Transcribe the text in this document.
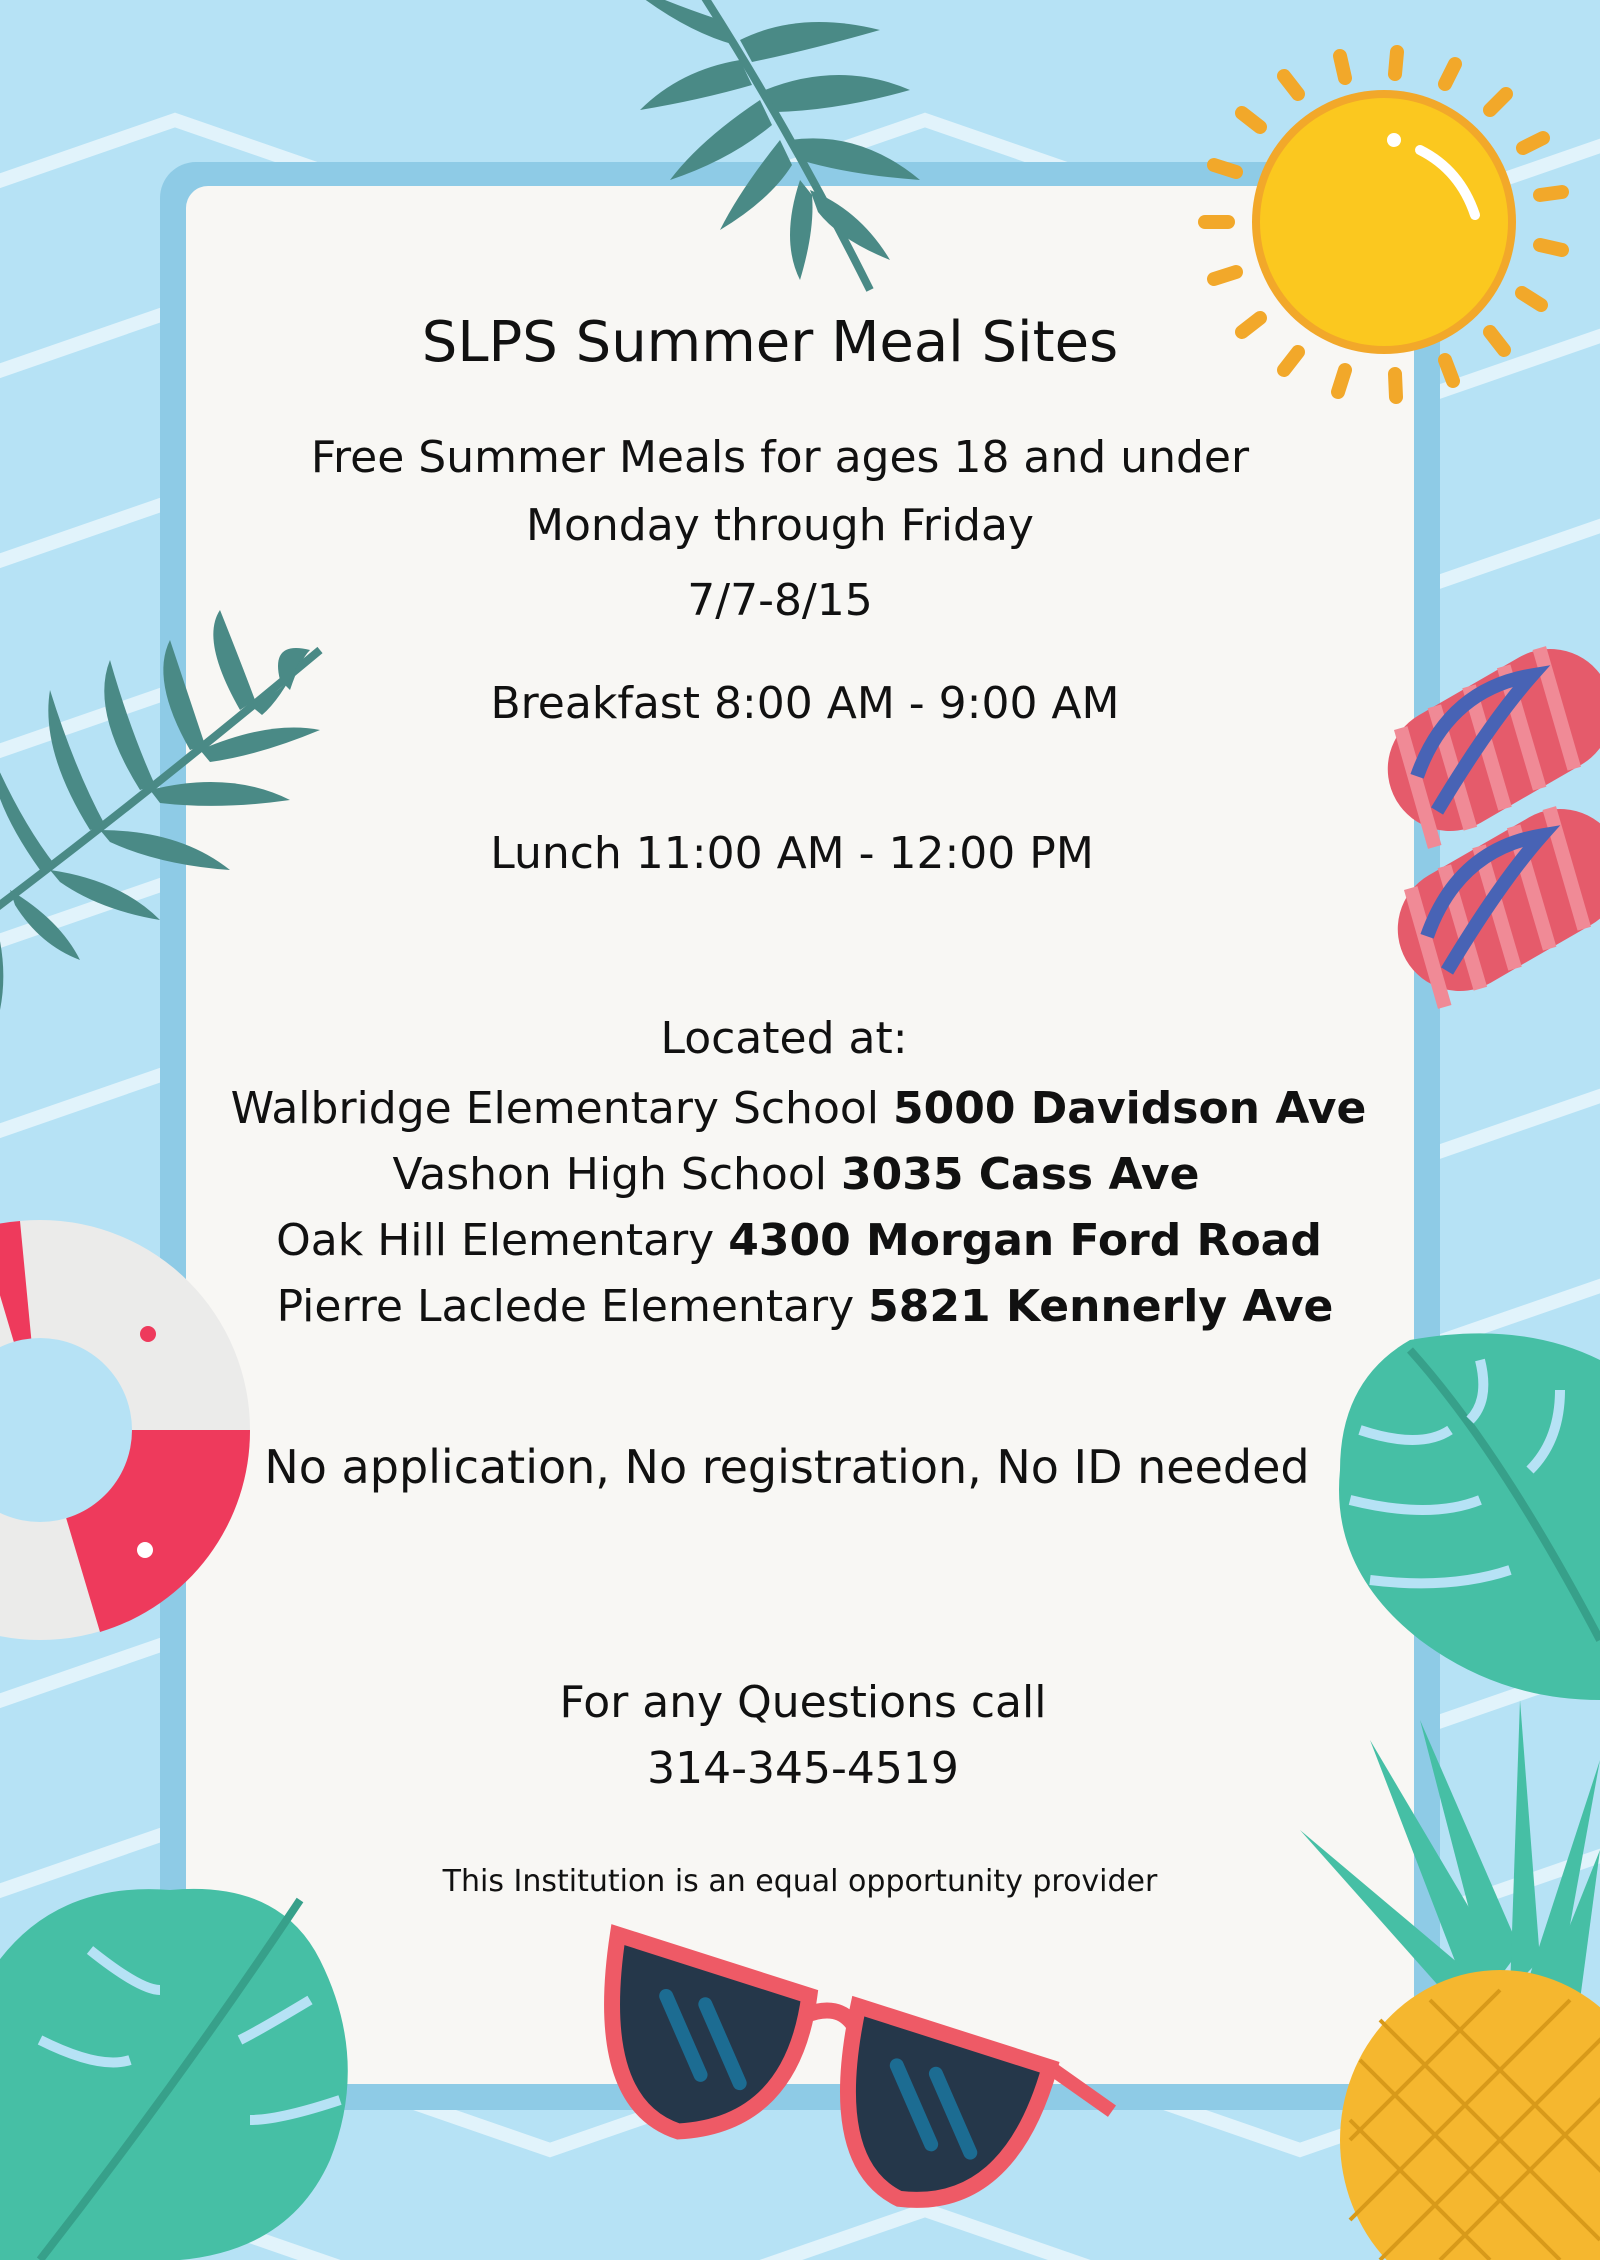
SLPS Summer Meal Sites
Free Summer Meals for ages 18 and under
Monday through Friday
7/7-8/15
Breakfast 8:00 AM - 9:00 AM
Lunch 11:00 AM - 12:00 PM
Located at:
Walbridge Elementary School 5000 Davidson Ave
Vashon High School 3035 Cass Ave
Oak Hill Elementary 4300 Morgan Ford Road
Pierre Laclede Elementary 5821 Kennerly Ave
No application, No registration, No ID needed
For any Questions call
314-345-4519
This Institution is an equal opportunity provider
